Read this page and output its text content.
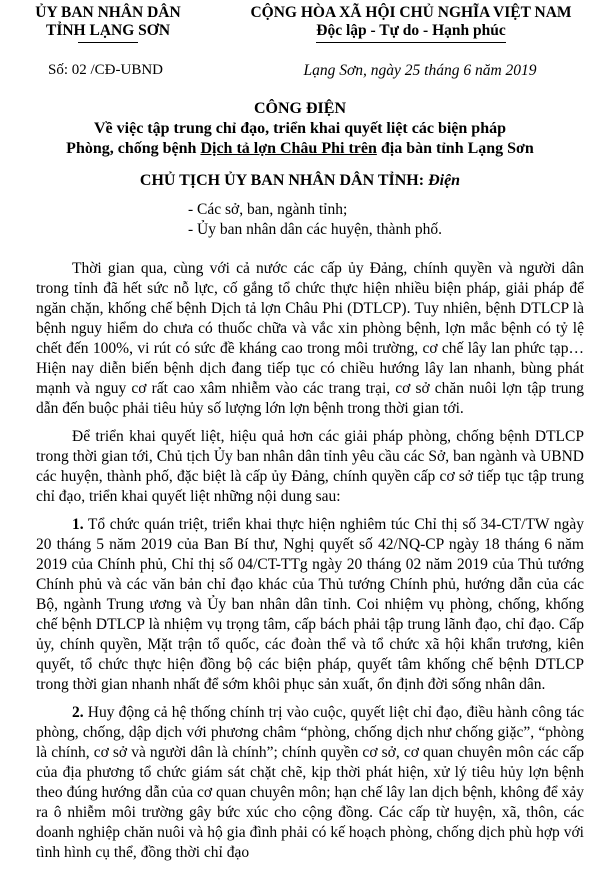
ỦY BAN NHÂN DÂN
TỈNH LẠNG SƠN
CỘNG HÒA XÃ HỘI CHỦ NGHĨA VIỆT NAM
Độc lập - Tự do - Hạnh phúc
Số: 02 /CĐ-UBND	Lạng Sơn, ngày 25 tháng 6 năm 2019
CÔNG ĐIỆN
Về việc tập trung chỉ đạo, triển khai quyết liệt các biện pháp
Phòng, chống bệnh Dịch tả lợn Châu Phi trên địa bàn tỉnh Lạng Sơn
CHỦ TỊCH ỦY BAN NHÂN DÂN TỈNH: Điện
- Các sở, ban, ngành tỉnh;
- Ủy ban nhân dân các huyện, thành phố.

Thời gian qua, cùng với cả nước các cấp ủy Đảng, chính quyền và người dân trong tỉnh đã hết sức nỗ lực, cố gắng tổ chức thực hiện nhiều biện pháp, giải pháp để ngăn chặn, khống chế bệnh Dịch tả lợn Châu Phi (DTLCP). Tuy nhiên, bệnh DTLCP là bệnh nguy hiểm do chưa có thuốc chữa và vắc xin phòng bệnh, lợn mắc bệnh có tỷ lệ chết đến 100%, vi rút có sức đề kháng cao trong môi trường, cơ chế lây lan phức tạp… Hiện nay diễn biến bệnh dịch đang tiếp tục có chiều hướng lây lan nhanh, bùng phát mạnh và nguy cơ rất cao xâm nhiễm vào các trang trại, cơ sở chăn nuôi lợn tập trung dẫn đến buộc phải tiêu hủy số lượng lớn lợn bệnh trong thời gian tới.

Để triển khai quyết liệt, hiệu quả hơn các giải pháp phòng, chống bệnh DTLCP trong thời gian tới, Chủ tịch Ủy ban nhân dân tỉnh yêu cầu các Sở, ban ngành và UBND các huyện, thành phố, đặc biệt là cấp ủy Đảng, chính quyền cấp cơ sở tiếp tục tập trung chỉ đạo, triển khai quyết liệt những nội dung sau:

1. Tổ chức quán triệt, triển khai thực hiện nghiêm túc Chỉ thị số 34-CT/TW ngày 20 tháng 5 năm 2019 của Ban Bí thư, Nghị quyết số 42/NQ-CP ngày 18 tháng 6 năm 2019 của Chính phủ, Chỉ thị số 04/CT-TTg ngày 20 tháng 02 năm 2019 của Thủ tướng Chính phủ và các văn bản chỉ đạo khác của Thủ tướng Chính phủ, hướng dẫn của các Bộ, ngành Trung ương và Ủy ban nhân dân tỉnh. Coi nhiệm vụ phòng, chống, khống chế bệnh DTLCP là nhiệm vụ trọng tâm, cấp bách phải tập trung lãnh đạo, chỉ đạo. Cấp ủy, chính quyền, Mặt trận tổ quốc, các đoàn thể và tổ chức xã hội khẩn trương, kiên quyết, tổ chức thực hiện đồng bộ các biện pháp, quyết tâm khống chế bệnh DTLCP trong thời gian nhanh nhất để sớm khôi phục sản xuất, ổn định đời sống nhân dân.

2. Huy động cả hệ thống chính trị vào cuộc, quyết liệt chỉ đạo, điều hành công tác phòng, chống, dập dịch với phương châm “phòng, chống dịch như chống giặc”, “phòng là chính, cơ sở và người dân là chính”; chính quyền cơ sở, cơ quan chuyên môn các cấp của địa phương tổ chức giám sát chặt chẽ, kịp thời phát hiện, xử lý tiêu hủy lợn bệnh theo đúng hướng dẫn của cơ quan chuyên môn; hạn chế lây lan dịch bệnh, không để xảy ra ô nhiễm môi trường gây bức xúc cho cộng đồng. Các cấp từ huyện, xã, thôn, các doanh nghiệp chăn nuôi và hộ gia đình phải có kế hoạch phòng, chống dịch phù hợp với tình hình cụ thể, đồng thời chỉ đạo
